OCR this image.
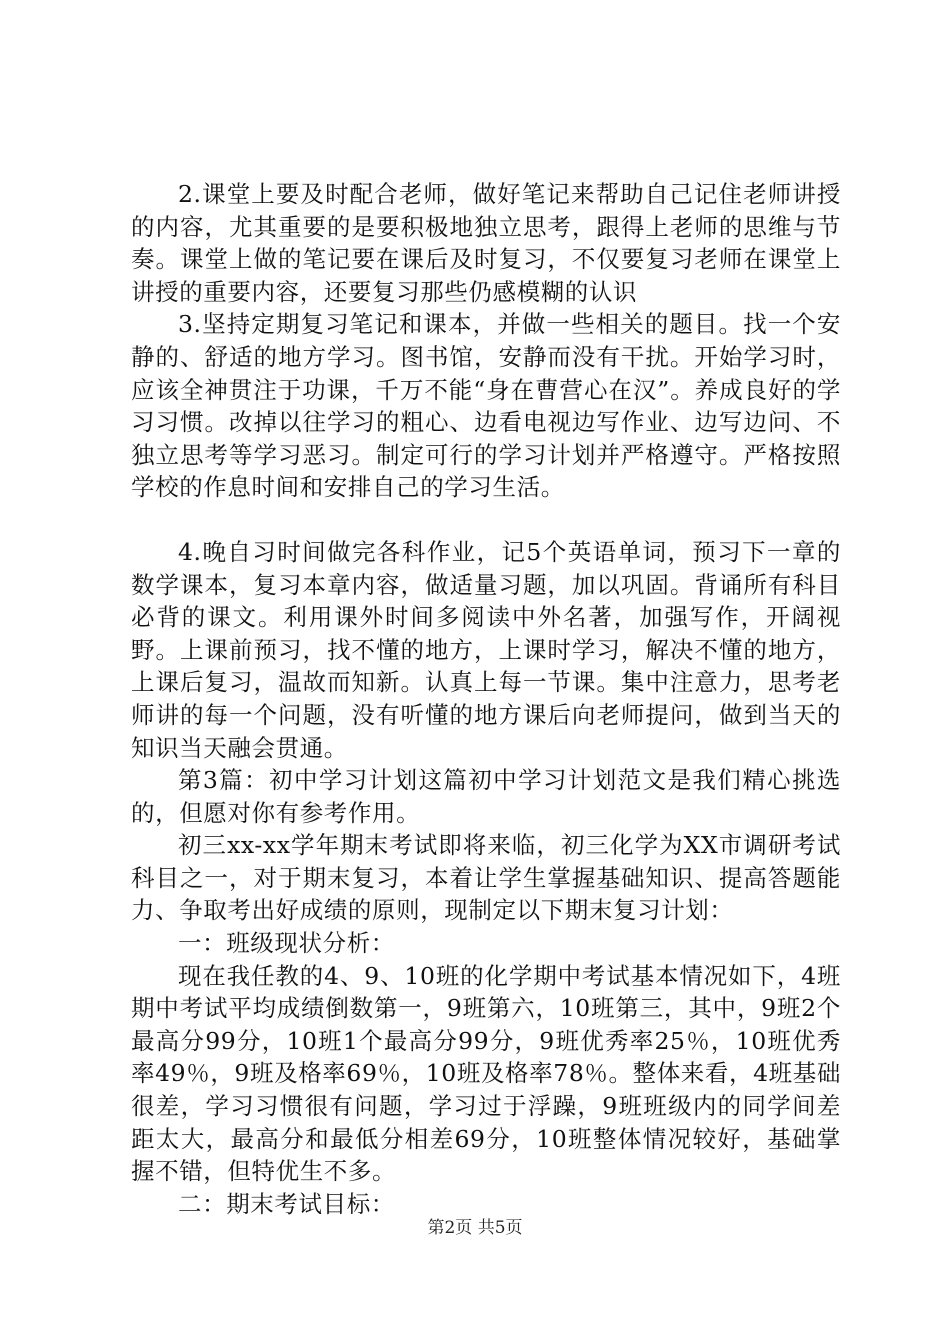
2.课堂上要及时配合老师，做好笔记来帮助自己记住老师讲授的内容，尤其重要的是要积极地独立思考，跟得上老师的思维与节奏。课堂上做的笔记要在课后及时复习，不仅要复习老师在课堂上讲授的重要内容，还要复习那些仍感模糊的认识

3.坚持定期复习笔记和课本，并做一些相关的题目。找一个安静的、舒适的地方学习。图书馆，安静而没有干扰。开始学习时，应该全神贯注于功课，千万不能“身在曹营心在汉”。养成良好的学习习惯。改掉以往学习的粗心、边看电视边写作业、边写边问、不独立思考等学习恶习。制定可行的学习计划并严格遵守。严格按照学校的作息时间和安排自己的学习生活。

4.晚自习时间做完各科作业，记5个英语单词，预习下一章的数学课本，复习本章内容，做适量习题，加以巩固。背诵所有科目必背的课文。利用课外时间多阅读中外名著，加强写作，开阔视野。上课前预习，找不懂的地方，上课时学习，解决不懂的地方，上课后复习，温故而知新。认真上每一节课。集中注意力，思考老师讲的每一个问题，没有听懂的地方课后向老师提问，做到当天的知识当天融会贯通。

第3篇：初中学习计划这篇初中学习计划范文是我们精心挑选的，但愿对你有参考作用。

初三xx-xx学年期末考试即将来临，初三化学为XX市调研考试科目之一，对于期末复习，本着让学生掌握基础知识、提高答题能力、争取考出好成绩的原则，现制定以下期末复习计划：

一：班级现状分析：

现在我任教的4、9、10班的化学期中考试基本情况如下，4班期中考试平均成绩倒数第一，9班第六，10班第三，其中，9班2个最高分99分，10班1个最高分99分，9班优秀率25％，10班优秀率49％，9班及格率69％，10班及格率78％。整体来看，4班基础很差，学习习惯很有问题，学习过于浮躁，9班班级内的同学间差距太大，最高分和最低分相差69分，10班整体情况较好，基础掌握不错，但特优生不多。

二：期末考试目标：

第2页 共5页
